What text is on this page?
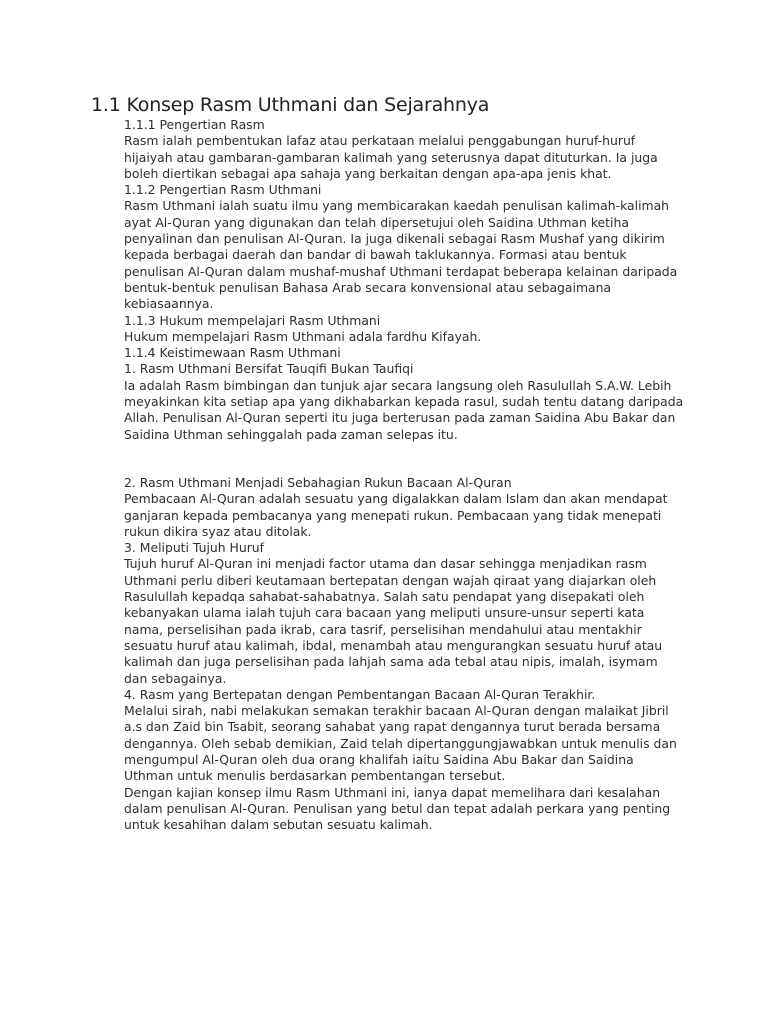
1.1 Konsep Rasm Uthmani dan Sejarahnya

1.1.1 Pengertian Rasm

Rasm ialah pembentukan lafaz atau perkataan melalui penggabungan huruf-huruf
hijaiyah atau gambaran-gambaran kalimah yang seterusnya dapat dituturkan. Ia juga
boleh diertikan sebagai apa sahaja yang berkaitan dengan apa-apa jenis khat.

1.1.2 Pengertian Rasm Uthmani

Rasm Uthmani ialah suatu ilmu yang membicarakan kaedah penulisan kalimah-kalimah
ayat Al-Quran yang digunakan dan telah dipersetujui oleh Saidina Uthman ketiha
penyalinan dan penulisan Al-Quran. Ia juga dikenali sebagai Rasm Mushaf yang dikirim
kepada berbagai daerah dan bandar di bawah taklukannya. Formasi atau bentuk
penulisan Al-Quran dalam mushaf-mushaf Uthmani terdapat beberapa kelainan daripada
bentuk-bentuk penulisan Bahasa Arab secara konvensional atau sebagaimana
kebiasaannya.

1.1.3 Hukum mempelajari Rasm Uthmani

Hukum mempelajari Rasm Uthmani adala fardhu Kifayah.

1.1.4 Keistimewaan Rasm Uthmani

1. Rasm Uthmani Bersifat Tauqifi Bukan Taufiqi

Ia adalah Rasm bimbingan dan tunjuk ajar secara langsung oleh Rasulullah S.A.W. Lebih
meyakinkan kita setiap apa yang dikhabarkan kepada rasul, sudah tentu datang daripada
Allah. Penulisan Al-Quran seperti itu juga berterusan pada zaman Saidina Abu Bakar dan
Saidina Uthman sehinggalah pada zaman selepas itu.

2. Rasm Uthmani Menjadi Sebahagian Rukun Bacaan Al-Quran

Pembacaan Al-Quran adalah sesuatu yang digalakkan dalam Islam dan akan mendapat
ganjaran kepada pembacanya yang menepati rukun. Pembacaan yang tidak menepati
rukun dikira syaz atau ditolak.

3. Meliputi Tujuh Huruf

Tujuh huruf Al-Quran ini menjadi factor utama dan dasar sehingga menjadikan rasm
Uthmani perlu diberi keutamaan bertepatan dengan wajah qiraat yang diajarkan oleh
Rasulullah kepadqa sahabat-sahabatnya. Salah satu pendapat yang disepakati oleh
kebanyakan ulama ialah tujuh cara bacaan yang meliputi unsure-unsur seperti kata
nama, perselisihan pada ikrab, cara tasrif, perselisihan mendahului atau mentakhir
sesuatu huruf atau kalimah, ibdal, menambah atau mengurangkan sesuatu huruf atau
kalimah dan juga perselisihan pada lahjah sama ada tebal atau nipis, imalah, isymam
dan sebagainya.

4. Rasm yang Bertepatan dengan Pembentangan Bacaan Al-Quran Terakhir.

Melalui sirah, nabi melakukan semakan terakhir bacaan Al-Quran dengan malaikat Jibril
a.s dan Zaid bin Tsabit, seorang sahabat yang rapat dengannya turut berada bersama
dengannya. Oleh sebab demikian, Zaid telah dipertanggungjawabkan untuk menulis dan
mengumpul Al-Quran oleh dua orang khalifah iaitu Saidina Abu Bakar dan Saidina
Uthman untuk menulis berdasarkan pembentangan tersebut.

Dengan kajian konsep ilmu Rasm Uthmani ini, ianya dapat memelihara dari kesalahan
dalam penulisan Al-Quran. Penulisan yang betul dan tepat adalah perkara yang penting
untuk kesahihan dalam sebutan sesuatu kalimah.
